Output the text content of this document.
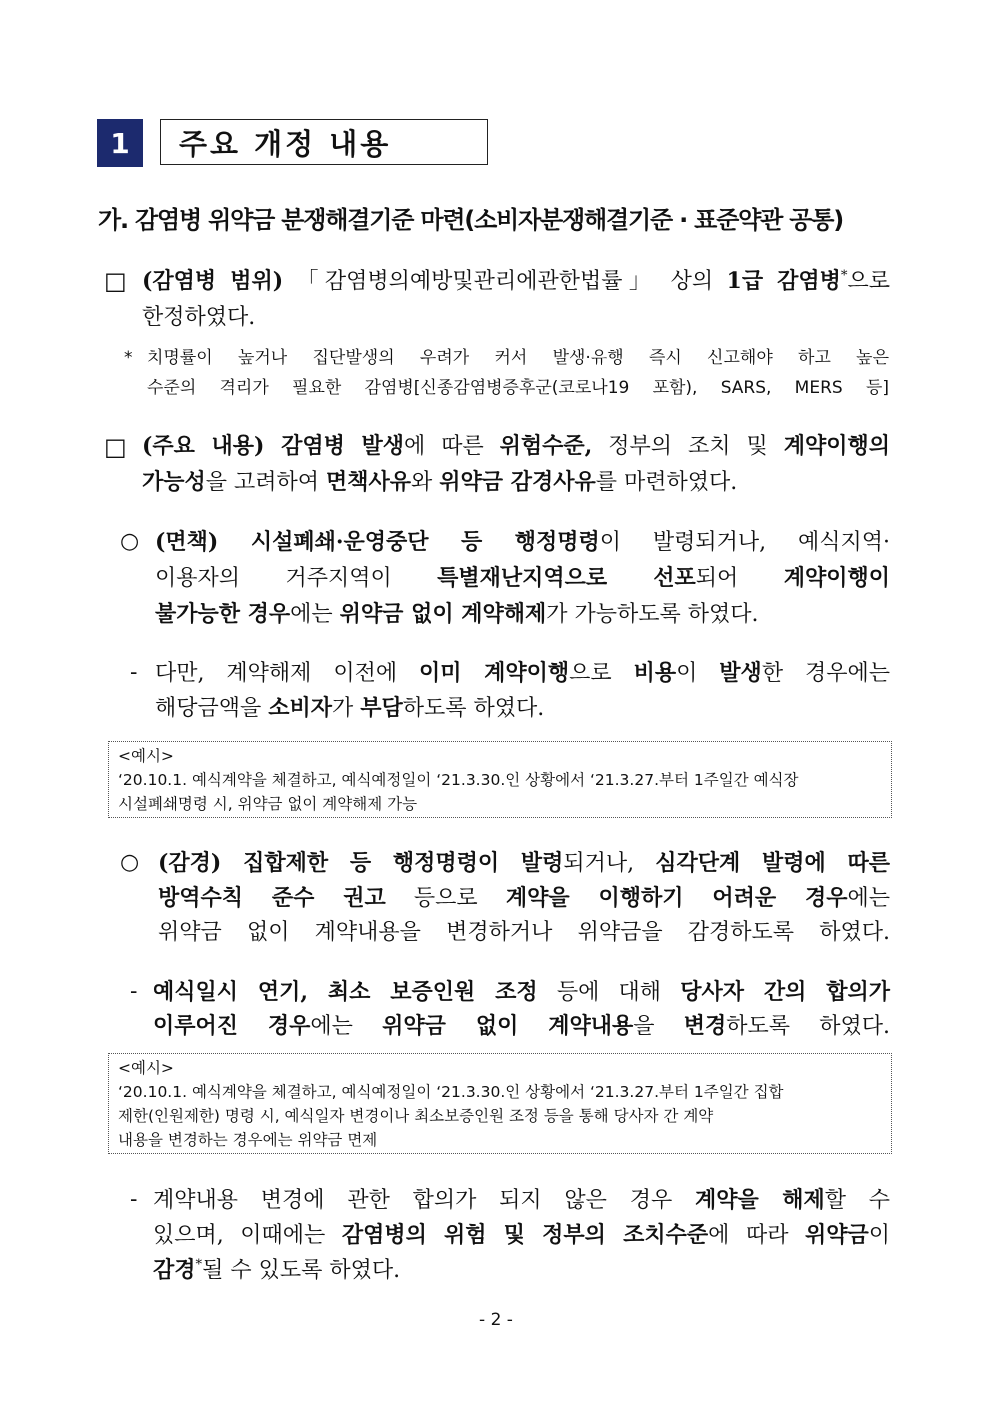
1	주요 개정 내용
가. 감염병 위약금 분쟁해결기준 마련(소비자분쟁해결기준 · 표준약관 공통)
□ (감염병 범위) 「감염병의예방및관리에관한법률」 상의 1급 감염병*으로
한정하였다.
* 치명률이 높거나 집단발생의 우려가 커서 발생·유행 즉시 신고해야 하고 높은
수준의 격리가 필요한 감염병[신종감염병증후군(코로나19 포함), SARS, MERS 등]
□ (주요 내용) 감염병 발생에 따른 위험수준, 정부의 조치 및 계약이행의
가능성을 고려하여 면책사유와 위약금 감경사유를 마련하였다.
○ (면책) 시설폐쇄·운영중단 등 행정명령이 발령되거나, 예식지역·
이용자의 거주지역이 특별재난지역으로 선포되어 계약이행이
불가능한 경우에는 위약금 없이 계약해제가 가능하도록 하였다.
- 다만, 계약해제 이전에 이미 계약이행으로 비용이 발생한 경우에는
해당금액을 소비자가 부담하도록 하였다.
<예시>
‘20.10.1. 예식계약을 체결하고, 예식예정일이 ‘21.3.30.인 상황에서 ‘21.3.27.부터 1주일간 예식장
시설폐쇄명령 시, 위약금 없이 계약해제 가능
○ (감경) 집합제한 등 행정명령이 발령되거나, 심각단계 발령에 따른
방역수칙 준수 권고 등으로 계약을 이행하기 어려운 경우에는
위약금 없이 계약내용을 변경하거나 위약금을 감경하도록 하였다.
- 예식일시 연기, 최소 보증인원 조정 등에 대해 당사자 간의 합의가
이루어진 경우에는 위약금 없이 계약내용을 변경하도록 하였다.
<예시>
‘20.10.1. 예식계약을 체결하고, 예식예정일이 ‘21.3.30.인 상황에서 ‘21.3.27.부터 1주일간 집합
제한(인원제한) 명령 시, 예식일자 변경이나 최소보증인원 조정 등을 통해 당사자 간 계약
내용을 변경하는 경우에는 위약금 면제
- 계약내용 변경에 관한 합의가 되지 않은 경우 계약을 해제할 수
있으며, 이때에는 감염병의 위험 및 정부의 조치수준에 따라 위약금이
감경*될 수 있도록 하였다.
- 2 -
